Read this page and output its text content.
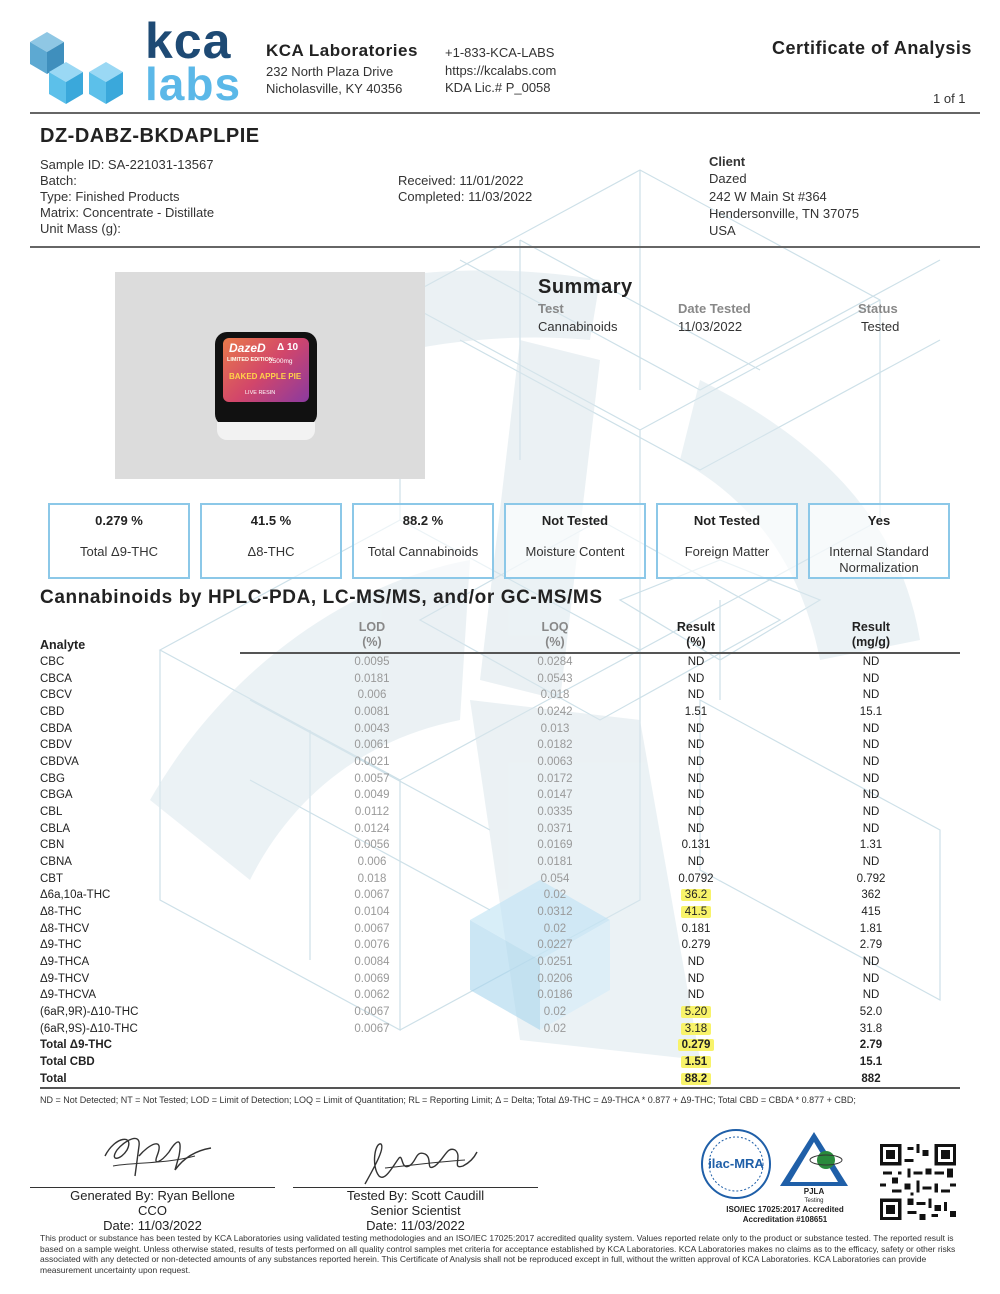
kca
labs
KCA Laboratories
232 North Plaza Drive
Nicholasville, KY 40356
+1-833-KCA-LABS
https://kcalabs.com
KDA Lic.# P_0058
Certificate of Analysis
1 of 1
DZ-DABZ-BKDAPLPIE
Sample ID: SA-221031-13567
Batch:
Type: Finished Products
Matrix: Concentrate - Distillate
Unit Mass (g):
Received: 11/01/2022
Completed: 11/03/2022
Client
Dazed
242 W Main St #364
Hendersonville, TN 37075
USA
DazeD Δ 10
LIMITED EDITION
2500mg
BAKED APPLE PIE
LIVE RESIN
Summary
Test	Date Tested	Status
Cannabinoids	11/03/2022	Tested
0.279 %
Total Δ9-THC
41.5 %
Δ8-THC
88.2 %
Total Cannabinoids
Not Tested
Moisture Content
Not Tested
Foreign Matter
Yes
Internal Standard Normalization
Cannabinoids by HPLC-PDA, LC-MS/MS, and/or GC-MS/MS
Analyte	LOD	LOQ	Result	Result
	(%)	(%)	(%)	(mg/g)
CBC	0.0095	0.0284	ND	ND
CBCA	0.0181	0.0543	ND	ND
CBCV	0.006	0.018	ND	ND
CBD	0.0081	0.0242	1.51	15.1
CBDA	0.0043	0.013	ND	ND
CBDV	0.0061	0.0182	ND	ND
CBDVA	0.0021	0.0063	ND	ND
CBG	0.0057	0.0172	ND	ND
CBGA	0.0049	0.0147	ND	ND
CBL	0.0112	0.0335	ND	ND
CBLA	0.0124	0.0371	ND	ND
CBN	0.0056	0.0169	0.131	1.31
CBNA	0.006	0.0181	ND	ND
CBT	0.018	0.054	0.0792	0.792
Δ6a,10a-THC	0.0067	0.02	36.2	362
Δ8-THC	0.0104	0.0312	41.5	415
Δ8-THCV	0.0067	0.02	0.181	1.81
Δ9-THC	0.0076	0.0227	0.279	2.79
Δ9-THCA	0.0084	0.0251	ND	ND
Δ9-THCV	0.0069	0.0206	ND	ND
Δ9-THCVA	0.0062	0.0186	ND	ND
(6aR,9R)-Δ10-THC	0.0067	0.02	5.20	52.0
(6aR,9S)-Δ10-THC	0.0067	0.02	3.18	31.8
Total Δ9-THC			0.279	2.79
Total CBD			1.51	15.1
Total			88.2	882
ND = Not Detected; NT = Not Tested; LOD = Limit of Detection; LOQ = Limit of Quantitation; RL = Reporting Limit; Δ = Delta; Total Δ9-THC = Δ9-THCA * 0.877 + Δ9-THC; Total CBD = CBDA * 0.877 + CBD;
Generated By: Ryan Bellone
CCO
Date: 11/03/2022
Tested By: Scott Caudill
Senior Scientist
Date: 11/03/2022
ilac-MRA
PJLA
Testing
ISO/IEC 17025:2017 Accredited
Accreditation #108651
This product or substance has been tested by KCA Laboratories using validated testing methodologies and an ISO/IEC 17025:2017 accredited quality system. Values reported relate only to the product or substance tested. The reported result is based on a sample weight. Unless otherwise stated, results of tests performed on all quality control samples met criteria for acceptance established by KCA Laboratories. KCA Laboratories makes no claims as to the efficacy, safety or other risks associated with any detected or non-detected amounts of any substances reported herein. This Certificate of Analysis shall not be reproduced except in full, without the written approval of KCA Laboratories. KCA Laboratories can provide measurement uncertainty upon request.
